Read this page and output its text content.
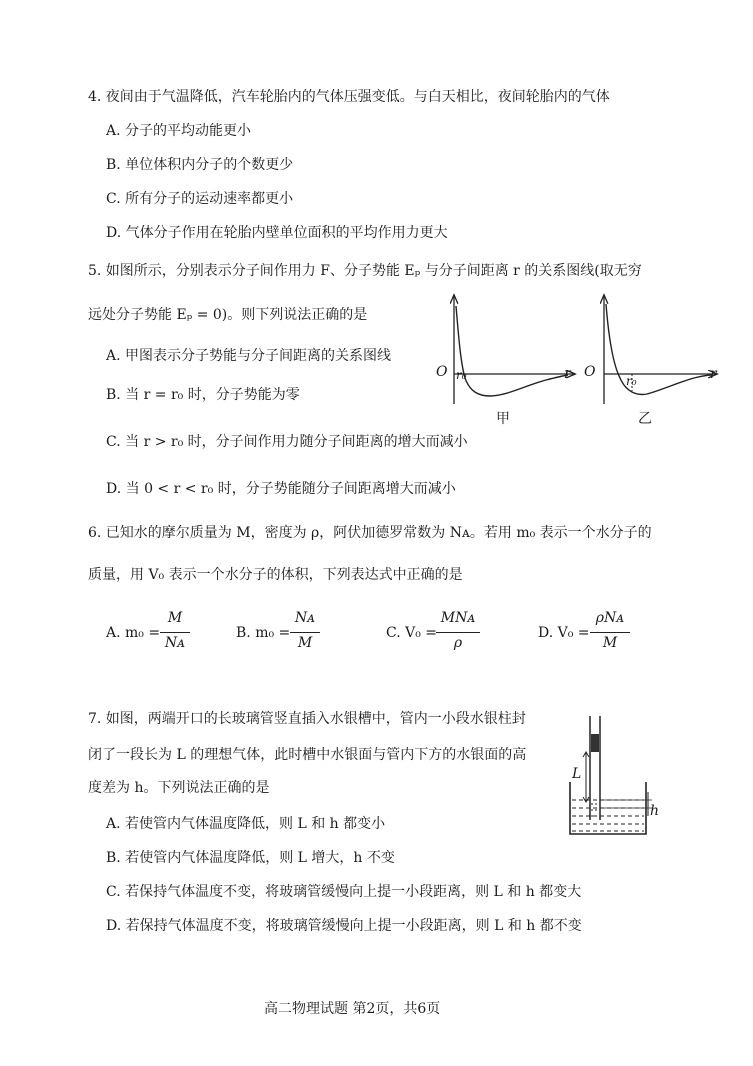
4. 夜间由于气温降低，汽车轮胎内的气体压强变低。与白天相比，夜间轮胎内的气体
A. 分子的平均动能更小
B. 单位体积内分子的个数更少
C. 所有分子的运动速率都更小
D. 气体分子作用在轮胎内壁单位面积的平均作用力更大
5. 如图所示，分别表示分子间作用力 F、分子势能 Eₚ 与分子间距离 r 的关系图线(取无穷
远处分子势能 Eₚ = 0)。则下列说法正确的是
A. 甲图表示分子势能与分子间距离的关系图线
B. 当 r = r₀ 时，分子势能为零
C. 当 r > r₀ 时，分子间作用力随分子间距离的增大而减小
D. 当 0 < r < r₀ 时，分子势能随分子间距离增大而减小
O r₀	r
甲
O
r₀	r
乙
6. 已知水的摩尔质量为 M，密度为 ρ，阿伏加德罗常数为 Nᴀ。若用 m₀ 表示一个水分子的
质量，用 V₀ 表示一个水分子的体积，下列表达式中正确的是
A. m₀ =
M
Nᴀ
B. m₀ =
Nᴀ
M
C. V₀ =
MNᴀ
ρ
D. V₀ =
ρNᴀ
M
7. 如图，两端开口的长玻璃管竖直插入水银槽中，管内一小段水银柱封
闭了一段长为 L 的理想气体，此时槽中水银面与管内下方的水银面的高
度差为 h。下列说法正确的是
A. 若使管内气体温度降低，则 L 和 h 都变小
B. 若使管内气体温度降低，则 L 增大，h 不变
C. 若保持气体温度不变，将玻璃管缓慢向上提一小段距离，则 L 和 h 都变大
D. 若保持气体温度不变，将玻璃管缓慢向上提一小段距离，则 L 和 h 都不变
L
h
高二物理试题 第2页，共6页
